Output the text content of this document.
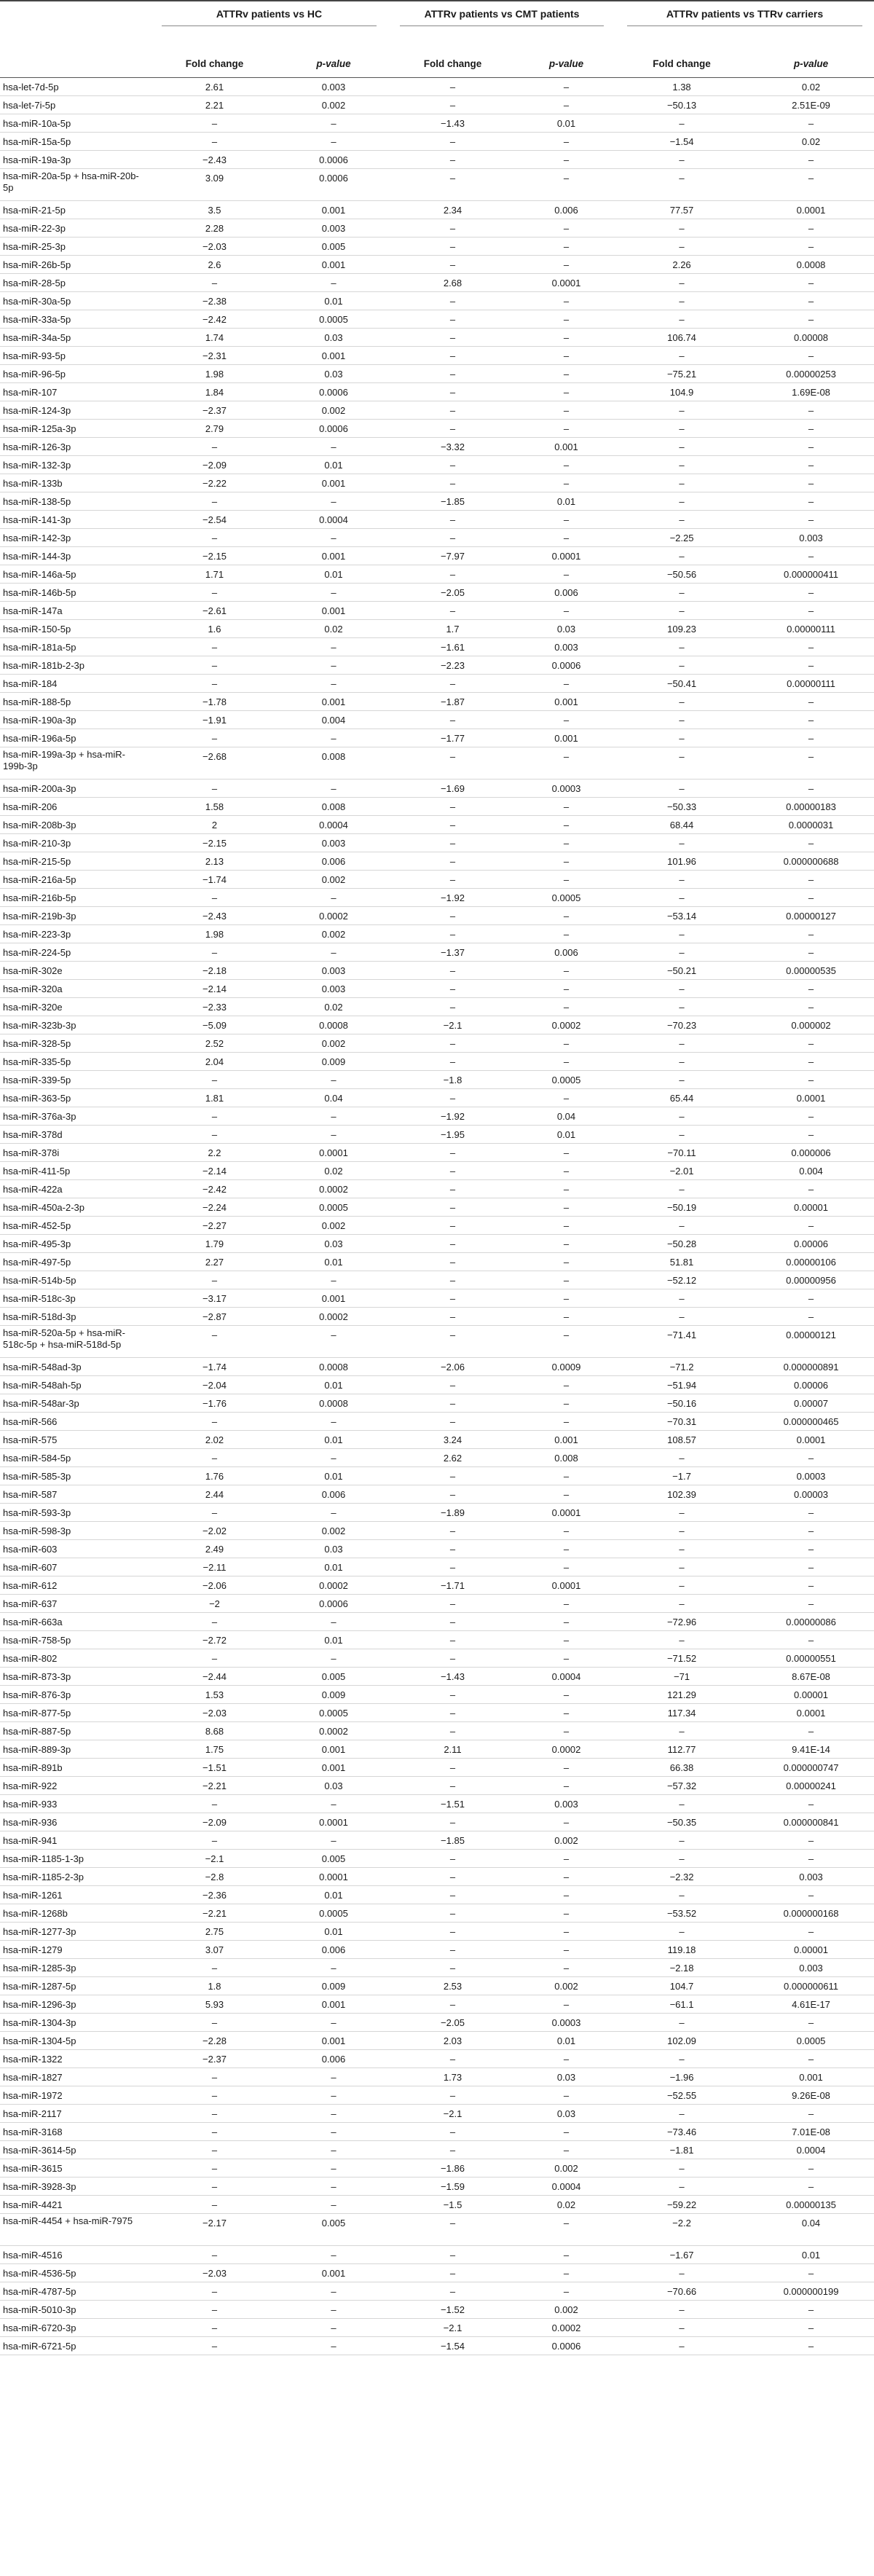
	ATTRv patients vs HC		ATTRv patients vs CMT patients		ATTRv patients vs TTRv carriers	

	Fold change	p-value	Fold change	p-value	Fold change	p-value
hsa-let-7d-5p	2.61	0.003	–	–	1.38	0.02
hsa-let-7i-5p	2.21	0.002	–	–	−50.13	2.51E-09
hsa-miR-10a-5p	–	–	−1.43	0.01	–	–
hsa-miR-15a-5p	–	–	–	–	−1.54	0.02
hsa-miR-19a-3p	−2.43	0.0006	–	–	–	–
hsa-miR-20a-5p + hsa-miR-20b-5p	3.09	0.0006	–	–	–	–
hsa-miR-21-5p	3.5	0.001	2.34	0.006	77.57	0.0001
hsa-miR-22-3p	2.28	0.003	–	–	–	–
hsa-miR-25-3p	−2.03	0.005	–	–	–	–
hsa-miR-26b-5p	2.6	0.001	–	–	2.26	0.0008
hsa-miR-28-5p	–	–	2.68	0.0001	–	–
hsa-miR-30a-5p	−2.38	0.01	–	–	–	–
hsa-miR-33a-5p	−2.42	0.0005	–	–	–	–
hsa-miR-34a-5p	1.74	0.03	–	–	106.74	0.00008
hsa-miR-93-5p	−2.31	0.001	–	–	–	–
hsa-miR-96-5p	1.98	0.03	–	–	−75.21	0.00000253
hsa-miR-107	1.84	0.0006	–	–	104.9	1.69E-08
hsa-miR-124-3p	−2.37	0.002	–	–	–	–
hsa-miR-125a-3p	2.79	0.0006	–	–	–	–
hsa-miR-126-3p	–	–	−3.32	0.001	–	–
hsa-miR-132-3p	−2.09	0.01	–	–	–	–
hsa-miR-133b	−2.22	0.001	–	–	–	–
hsa-miR-138-5p	–	–	−1.85	0.01	–	–
hsa-miR-141-3p	−2.54	0.0004	–	–	–	–
hsa-miR-142-3p	–	–	–	–	−2.25	0.003
hsa-miR-144-3p	−2.15	0.001	−7.97	0.0001	–	–
hsa-miR-146a-5p	1.71	0.01	–	–	−50.56	0.000000411
hsa-miR-146b-5p	–	–	−2.05	0.006	–	–
hsa-miR-147a	−2.61	0.001	–	–	–	–
hsa-miR-150-5p	1.6	0.02	1.7	0.03	109.23	0.00000111
hsa-miR-181a-5p	–	–	−1.61	0.003	–	–
hsa-miR-181b-2-3p	–	–	−2.23	0.0006	–	–
hsa-miR-184	–	–	–	–	−50.41	0.00000111
hsa-miR-188-5p	−1.78	0.001	−1.87	0.001	–	–
hsa-miR-190a-3p	−1.91	0.004	–	–	–	–
hsa-miR-196a-5p	–	–	−1.77	0.001	–	–
hsa-miR-199a-3p + hsa-miR-199b-3p	−2.68	0.008	–	–	–	–
hsa-miR-200a-3p	–	–	−1.69	0.0003	–	–
hsa-miR-206	1.58	0.008	–	–	−50.33	0.00000183
hsa-miR-208b-3p	2	0.0004	–	–	68.44	0.0000031
hsa-miR-210-3p	−2.15	0.003	–	–	–	–
hsa-miR-215-5p	2.13	0.006	–	–	101.96	0.000000688
hsa-miR-216a-5p	−1.74	0.002	–	–	–	–
hsa-miR-216b-5p	–	–	−1.92	0.0005	–	–
hsa-miR-219b-3p	−2.43	0.0002	–	–	−53.14	0.00000127
hsa-miR-223-3p	1.98	0.002	–	–	–	–
hsa-miR-224-5p	–	–	−1.37	0.006	–	–
hsa-miR-302e	−2.18	0.003	–	–	−50.21	0.00000535
hsa-miR-320a	−2.14	0.003	–	–	–	–
hsa-miR-320e	−2.33	0.02	–	–	–	–
hsa-miR-323b-3p	−5.09	0.0008	−2.1	0.0002	−70.23	0.000002
hsa-miR-328-5p	2.52	0.002	–	–	–	–
hsa-miR-335-5p	2.04	0.009	–	–	–	–
hsa-miR-339-5p	–	–	−1.8	0.0005	–	–
hsa-miR-363-5p	1.81	0.04	–	–	65.44	0.0001
hsa-miR-376a-3p	–	–	−1.92	0.04	–	–
hsa-miR-378d	–	–	−1.95	0.01	–	–
hsa-miR-378i	2.2	0.0001	–	–	−70.11	0.000006
hsa-miR-411-5p	−2.14	0.02	–	–	−2.01	0.004
hsa-miR-422a	−2.42	0.0002	–	–	–	–
hsa-miR-450a-2-3p	−2.24	0.0005	–	–	−50.19	0.00001
hsa-miR-452-5p	−2.27	0.002	–	–	–	–
hsa-miR-495-3p	1.79	0.03	–	–	−50.28	0.00006
hsa-miR-497-5p	2.27	0.01	–	–	51.81	0.00000106
hsa-miR-514b-5p	–	–	–	–	−52.12	0.00000956
hsa-miR-518c-3p	−3.17	0.001	–	–	–	–
hsa-miR-518d-3p	−2.87	0.0002	–	–	–	–
hsa-miR-520a-5p + hsa-miR-518c-5p + hsa-miR-518d-5p	–	–	–	–	−71.41	0.00000121
hsa-miR-548ad-3p	−1.74	0.0008	−2.06	0.0009	−71.2	0.000000891
hsa-miR-548ah-5p	−2.04	0.01	–	–	−51.94	0.00006
hsa-miR-548ar-3p	−1.76	0.0008	–	–	−50.16	0.00007
hsa-miR-566	–	–	–	–	−70.31	0.000000465
hsa-miR-575	2.02	0.01	3.24	0.001	108.57	0.0001
hsa-miR-584-5p	–	–	2.62	0.008	–	–
hsa-miR-585-3p	1.76	0.01	–	–	−1.7	0.0003
hsa-miR-587	2.44	0.006	–	–	102.39	0.00003
hsa-miR-593-3p	–	–	−1.89	0.0001	–	–
hsa-miR-598-3p	−2.02	0.002	–	–	–	–
hsa-miR-603	2.49	0.03	–	–	–	–
hsa-miR-607	−2.11	0.01	–	–	–	–
hsa-miR-612	−2.06	0.0002	−1.71	0.0001	–	–
hsa-miR-637	−2	0.0006	–	–	–	–
hsa-miR-663a	–	–	–	–	−72.96	0.00000086
hsa-miR-758-5p	−2.72	0.01	–	–	–	–
hsa-miR-802	–	–	–	–	−71.52	0.00000551
hsa-miR-873-3p	−2.44	0.005	−1.43	0.0004	−71	8.67E-08
hsa-miR-876-3p	1.53	0.009	–	–	121.29	0.00001
hsa-miR-877-5p	−2.03	0.0005	–	–	117.34	0.0001
hsa-miR-887-5p	8.68	0.0002	–	–	–	–
hsa-miR-889-3p	1.75	0.001	2.11	0.0002	112.77	9.41E-14
hsa-miR-891b	−1.51	0.001	–	–	66.38	0.000000747
hsa-miR-922	−2.21	0.03	–	–	−57.32	0.00000241
hsa-miR-933	–	–	−1.51	0.003	–	–
hsa-miR-936	−2.09	0.0001	–	–	−50.35	0.000000841
hsa-miR-941	–	–	−1.85	0.002	–	–
hsa-miR-1185-1-3p	−2.1	0.005	–	–	–	–
hsa-miR-1185-2-3p	−2.8	0.0001	–	–	−2.32	0.003
hsa-miR-1261	−2.36	0.01	–	–	–	–
hsa-miR-1268b	−2.21	0.0005	–	–	−53.52	0.000000168
hsa-miR-1277-3p	2.75	0.01	–	–	–	–
hsa-miR-1279	3.07	0.006	–	–	119.18	0.00001
hsa-miR-1285-3p	–	–	–	–	−2.18	0.003
hsa-miR-1287-5p	1.8	0.009	2.53	0.002	104.7	0.000000611
hsa-miR-1296-3p	5.93	0.001	–	–	−61.1	4.61E-17
hsa-miR-1304-3p	–	–	−2.05	0.0003	–	–
hsa-miR-1304-5p	−2.28	0.001	2.03	0.01	102.09	0.0005
hsa-miR-1322	−2.37	0.006	–	–	–	–
hsa-miR-1827	–	–	1.73	0.03	−1.96	0.001
hsa-miR-1972	–	–	–	–	−52.55	9.26E-08
hsa-miR-2117	–	–	−2.1	0.03	–	–
hsa-miR-3168	–	–	–	–	−73.46	7.01E-08
hsa-miR-3614-5p	–	–	–	–	−1.81	0.0004
hsa-miR-3615	–	–	−1.86	0.002	–	–
hsa-miR-3928-3p	–	–	−1.59	0.0004	–	–
hsa-miR-4421	–	–	−1.5	0.02	−59.22	0.00000135
hsa-miR-4454 + hsa-miR-7975	−2.17	0.005	–	–	−2.2	0.04
hsa-miR-4516	–	–	–	–	−1.67	0.01
hsa-miR-4536-5p	−2.03	0.001	–	–	–	–
hsa-miR-4787-5p	–	–	–	–	−70.66	0.000000199
hsa-miR-5010-3p	–	–	−1.52	0.002	–	–
hsa-miR-6720-3p	–	–	−2.1	0.0002	–	–
hsa-miR-6721-5p	–	–	−1.54	0.0006	–	–
